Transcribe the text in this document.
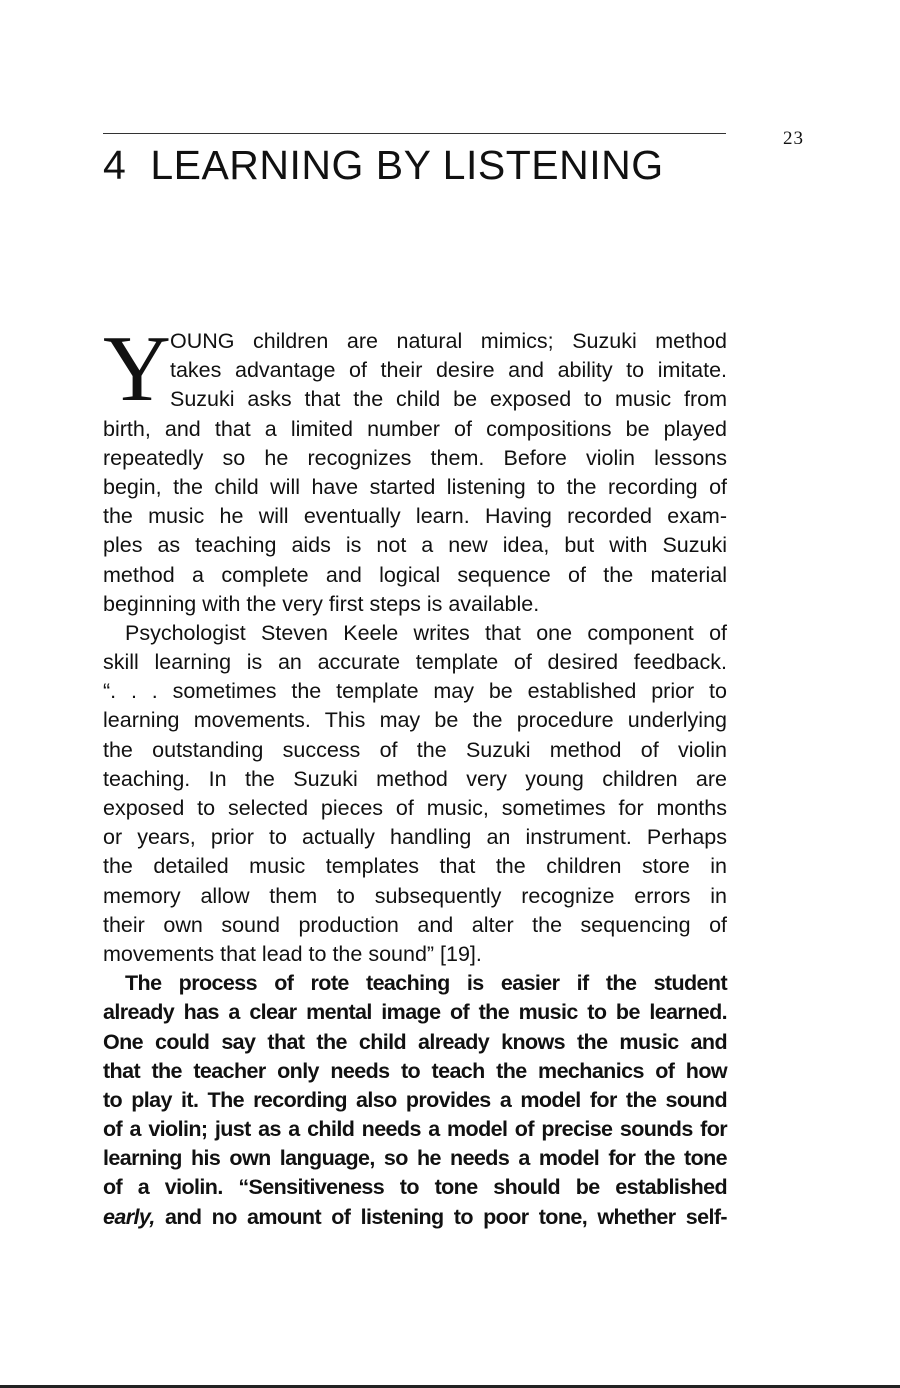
23
4 LEARNING BY LISTENING
Y OUNG children are natural mimics; Suzuki method
takes advantage of their desire and ability to imitate.
Suzuki asks that the child be exposed to music from
birth, and that a limited number of compositions be played
repeatedly so he recognizes them. Before violin lessons
begin, the child will have started listening to the recording of
the music he will eventually learn. Having recorded exam-
ples as teaching aids is not a new idea, but with Suzuki
method a complete and logical sequence of the material
beginning with the very first steps is available.
Psychologist Steven Keele writes that one component of
skill learning is an accurate template of desired feedback.
“. . . sometimes the template may be established prior to
learning movements. This may be the procedure underlying
the outstanding success of the Suzuki method of violin
teaching. In the Suzuki method very young children are
exposed to selected pieces of music, sometimes for months
or years, prior to actually handling an instrument. Perhaps
the detailed music templates that the children store in
memory allow them to subsequently recognize errors in
their own sound production and alter the sequencing of
movements that lead to the sound” [19].
The process of rote teaching is easier if the student
already has a clear mental image of the music to be learned.
One could say that the child already knows the music and
that the teacher only needs to teach the mechanics of how
to play it. The recording also provides a model for the sound
of a violin; just as a child needs a model of precise sounds for
learning his own language, so he needs a model for the tone
of a violin. “Sensitiveness to tone should be established
early, and no amount of listening to poor tone, whether self-
